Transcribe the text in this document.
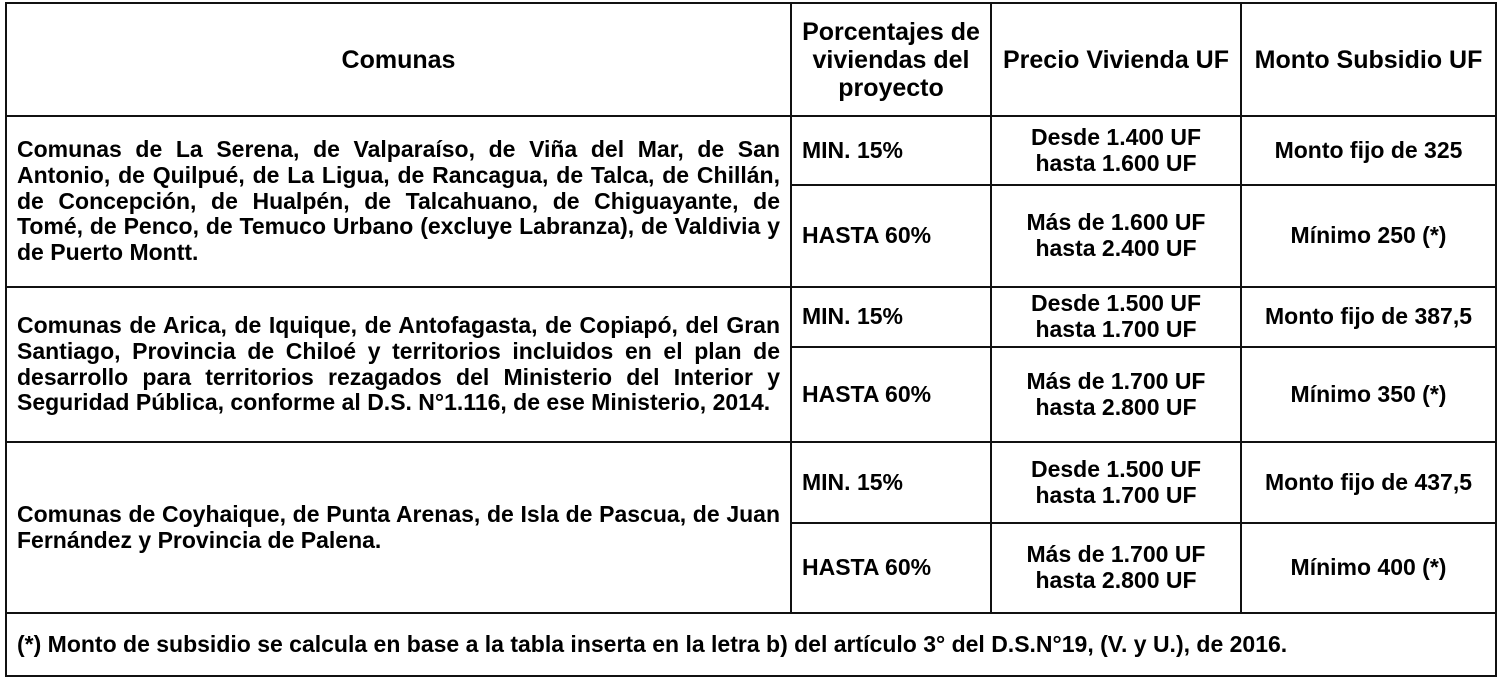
Comunas	Porcentajes de viviendas del proyecto	Precio Vivienda UF	Monto Subsidio UF
Comunas de La Serena, de Valparaíso, de Viña del Mar, de San Antonio, de Quilpué, de La Ligua, de Rancagua, de Talca, de Chillán, de Concepción, de Hualpén, de Talcahuano, de Chiguayante, de Tomé, de Penco, de Temuco Urbano (excluye Labranza), de Valdivia y de Puerto Montt.	MIN. 15%	Desde 1.400 UF hasta 1.600 UF	Monto fijo de 325
	HASTA 60%	Más de 1.600 UF hasta 2.400 UF	Mínimo 250 (*)
Comunas de Arica, de Iquique, de Antofagasta, de Copiapó, del Gran Santiago, Provincia de Chiloé y territorios incluidos en el plan de desarrollo para territorios rezagados del Ministerio del Interior y Seguridad Pública, conforme al D.S. N°1.116, de ese Ministerio, 2014.	MIN. 15%	Desde 1.500 UF hasta 1.700 UF	Monto fijo de 387,5
	HASTA 60%	Más de 1.700 UF hasta 2.800 UF	Mínimo 350 (*)
Comunas de Coyhaique, de Punta Arenas, de Isla de Pascua, de Juan Fernández y Provincia de Palena.	MIN. 15%	Desde 1.500 UF hasta 1.700 UF	Monto fijo de 437,5
	HASTA 60%	Más de 1.700 UF hasta 2.800 UF	Mínimo 400 (*)
(*) Monto de subsidio se calcula en base a la tabla inserta en la letra b) del artículo 3° del D.S.N°19, (V. y U.), de 2016.			
